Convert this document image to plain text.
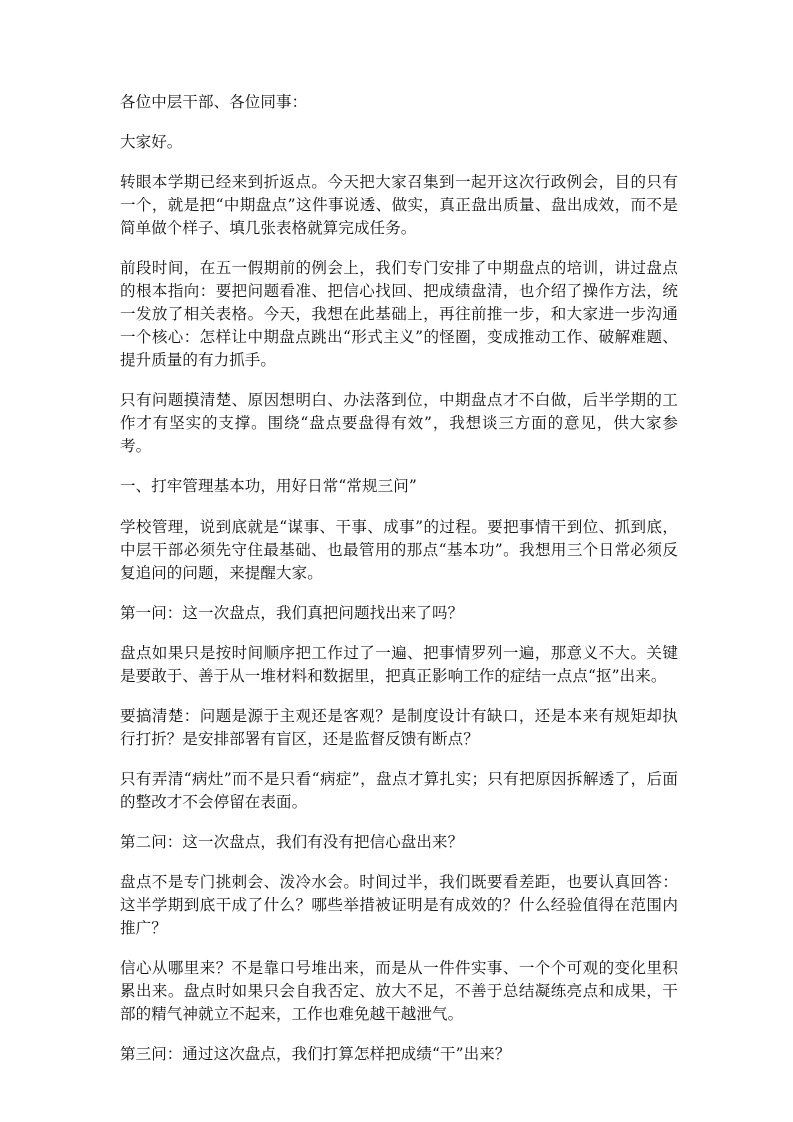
各位中层干部、各位同事：

大家好。

转眼本学期已经来到折返点。今天把大家召集到一起开这次行政例会，目的只有一个，就是把“中期盘点”这件事说透、做实，真正盘出质量、盘出成效，而不是简单做个样子、填几张表格就算完成任务。

前段时间，在五一假期前的例会上，我们专门安排了中期盘点的培训，讲过盘点的根本指向：要把问题看准、把信心找回、把成绩盘清，也介绍了操作方法，统一发放了相关表格。今天，我想在此基础上，再往前推一步，和大家进一步沟通一个核心：怎样让中期盘点跳出“形式主义”的怪圈，变成推动工作、破解难题、提升质量的有力抓手。

只有问题摸清楚、原因想明白、办法落到位，中期盘点才不白做，后半学期的工作才有坚实的支撑。围绕“盘点要盘得有效”，我想谈三方面的意见，供大家参考。

一、打牢管理基本功，用好日常“常规三问”

学校管理，说到底就是“谋事、干事、成事”的过程。要把事情干到位、抓到底，中层干部必须先守住最基础、也最管用的那点“基本功”。我想用三个日常必须反复追问的问题，来提醒大家。

第一问：这一次盘点，我们真把问题找出来了吗？

盘点如果只是按时间顺序把工作过了一遍、把事情罗列一遍，那意义不大。关键是要敢于、善于从一堆材料和数据里，把真正影响工作的症结一点点“抠”出来。

要搞清楚：问题是源于主观还是客观？是制度设计有缺口，还是本来有规矩却执行打折？是安排部署有盲区，还是监督反馈有断点？

只有弄清“病灶”而不是只看“病症”，盘点才算扎实；只有把原因拆解透了，后面的整改才不会停留在表面。

第二问：这一次盘点，我们有没有把信心盘出来？

盘点不是专门挑刺会、泼冷水会。时间过半，我们既要看差距，也要认真回答：这半学期到底干成了什么？哪些举措被证明是有成效的？什么经验值得在范围内推广？

信心从哪里来？不是靠口号堆出来，而是从一件件实事、一个个可观的变化里积累出来。盘点时如果只会自我否定、放大不足，不善于总结凝练亮点和成果，干部的精气神就立不起来，工作也难免越干越泄气。

第三问：通过这次盘点，我们打算怎样把成绩“干”出来？
